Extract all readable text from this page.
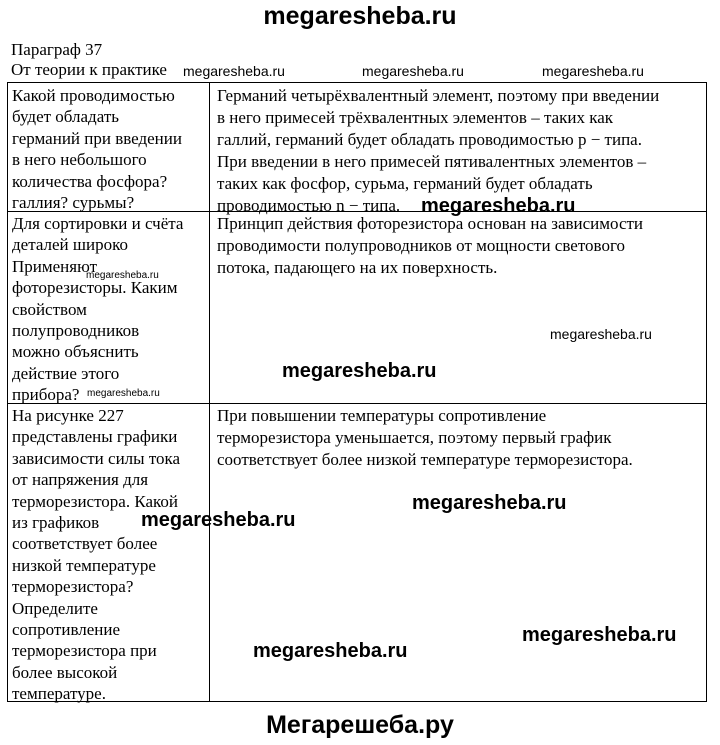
megaresheba.ru
Параграф 37
От теории к практике
Какой проводимостью
будет обладать
германий при введении
в него небольшого
количества фосфора?
галлия? сурьмы?
Германий четырёхвалентный элемент, поэтому при введении
в него примесей трёхвалентных элементов – таких как
галлий, германий будет обладать проводимостью p − типа.
При введении в него примесей пятивалентных элементов –
таких как фосфор, сурьма, германий будет обладать
проводимостью n − типа.
Для сортировки и счёта
деталей широко
Применяют
фоторезисторы. Каким
свойством
полупроводников
можно объяснить
действие этого
прибора?
Принцип действия фоторезистора основан на зависимости
проводимости полупроводников от мощности светового
потока, падающего на их поверхность.
На рисунке 227
представлены графики
зависимости силы тока
от напряжения для
терморезистора. Какой
из графиков
соответствует более
низкой температуре
терморезистора?
Определите
сопротивление
терморезистора при
более высокой
температуре.
При повышении температуры сопротивление
терморезистора уменьшается, поэтому первый график
соответствует более низкой температуре терморезистора.
megaresheba.ru	megaresheba.ru	megaresheba.ru
megaresheba.ru
megaresheba.ru
megaresheba.ru
megaresheba.ru
megaresheba.ru
megaresheba.ru
megaresheba.ru
megaresheba.ru
megaresheba.ru
Мегарешеба.ру
